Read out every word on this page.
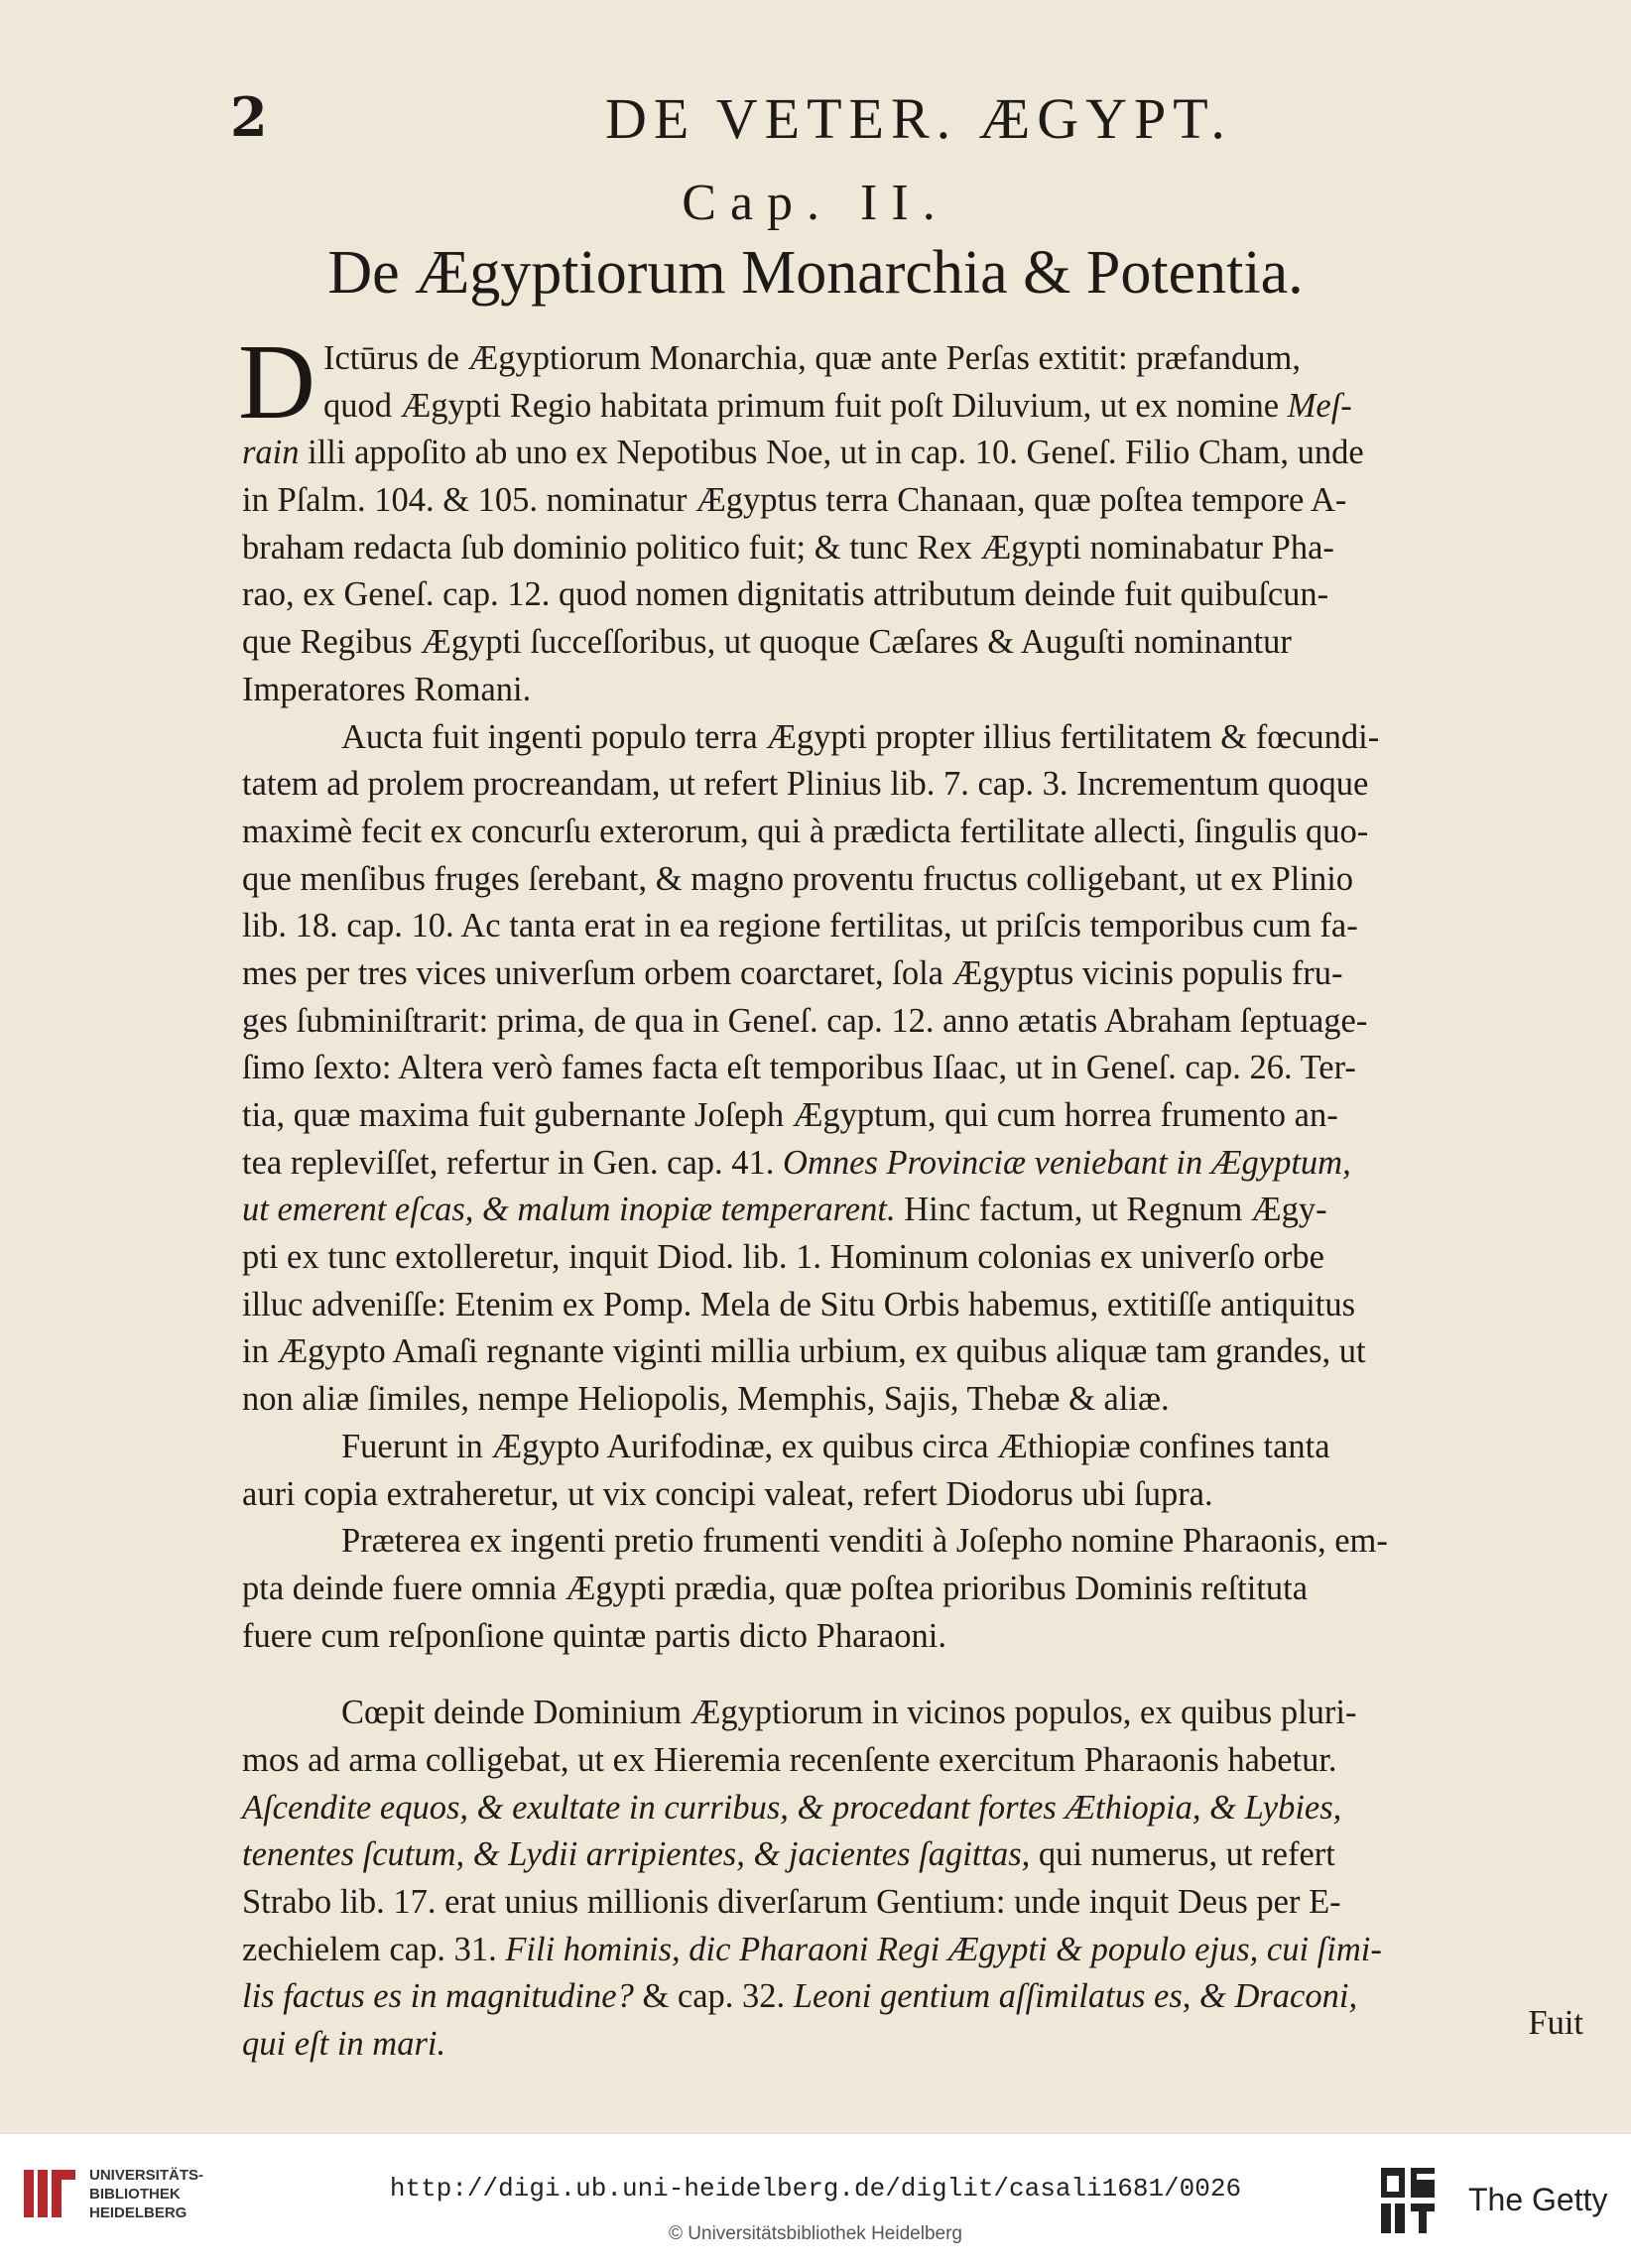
2	DE VETER. ÆGYPT.
Cap. II.
De Ægyptiorum Monarchia & Potentia.
D Ictūrus de Ægyptiorum Monarchia, quæ ante Perſas extitit: præfandum,
quod Ægypti Regio habitata primum fuit poſt Diluvium, ut ex nomine Meſ-
rain illi appoſito ab uno ex Nepotibus Noe, ut in cap. 10. Geneſ. Filio Cham, unde
in Pſalm. 104. & 105. nominatur Ægyptus terra Chanaan, quæ poſtea tempore A-
braham redacta ſub dominio politico fuit; & tunc Rex Ægypti nominabatur Pha-
rao, ex Geneſ. cap. 12. quod nomen dignitatis attributum deinde fuit quibuſcun-
que Regibus Ægypti ſucceſſoribus, ut quoque Cæſares & Auguſti nominantur
Imperatores Romani.
Aucta fuit ingenti populo terra Ægypti propter illius fertilitatem & fœcundi-
tatem ad prolem procreandam, ut refert Plinius lib. 7. cap. 3. Incrementum quoque
maximè fecit ex concurſu exterorum, qui à prædicta fertilitate allecti, ſingulis quo-
que menſibus fruges ſerebant, & magno proventu fructus colligebant, ut ex Plinio
lib. 18. cap. 10. Ac tanta erat in ea regione fertilitas, ut priſcis temporibus cum fa-
mes per tres vices univerſum orbem coarctaret, ſola Ægyptus vicinis populis fru-
ges ſubminiſtrarit: prima, de qua in Geneſ. cap. 12. anno ætatis Abraham ſeptuage-
ſimo ſexto: Altera verò fames facta eſt temporibus Iſaac, ut in Geneſ. cap. 26. Ter-
tia, quæ maxima fuit gubernante Joſeph Ægyptum, qui cum horrea frumento an-
tea repleviſſet, refertur in Gen. cap. 41. Omnes Provinciæ veniebant in Ægyptum,
ut emerent eſcas, & malum inopiæ temperarent. Hinc factum, ut Regnum Ægy-
pti ex tunc extolleretur, inquit Diod. lib. 1. Hominum colonias ex univerſo orbe
illuc adveniſſe: Etenim ex Pomp. Mela de Situ Orbis habemus, extitiſſe antiquitus
in Ægypto Amaſi regnante viginti millia urbium, ex quibus aliquæ tam grandes, ut
non aliæ ſimiles, nempe Heliopolis, Memphis, Sajis, Thebæ & aliæ.
Fuerunt in Ægypto Aurifodinæ, ex quibus circa Æthiopiæ confines tanta
auri copia extraheretur, ut vix concipi valeat, refert Diodorus ubi ſupra.
Præterea ex ingenti pretio frumenti venditi à Joſepho nomine Pharaonis, em-
pta deinde fuere omnia Ægypti prædia, quæ poſtea prioribus Dominis reſtituta
fuere cum reſponſione quintæ partis dicto Pharaoni.
Cœpit deinde Dominium Ægyptiorum in vicinos populos, ex quibus pluri-
mos ad arma colligebat, ut ex Hieremia recenſente exercitum Pharaonis habetur.
Aſcendite equos, & exultate in curribus, & procedant fortes Æthiopia, & Lybies,
tenentes ſcutum, & Lydii arripientes, & jacientes ſagittas, qui numerus, ut refert
Strabo lib. 17. erat unius millionis diverſarum Gentium: unde inquit Deus per E-
zechielem cap. 31. Fili hominis, dic Pharaoni Regi Ægypti & populo ejus, cui ſimi-
lis factus es in magnitudine? & cap. 32. Leoni gentium aſſimilatus es, & Draconi,
qui eſt in mari.
Fuit
UNIVERSITÄTS-
BIBLIOTHEK
HEIDELBERG
http://digi.ub.uni-heidelberg.de/diglit/casali1681/0026
© Universitätsbibliothek Heidelberg
The Getty
